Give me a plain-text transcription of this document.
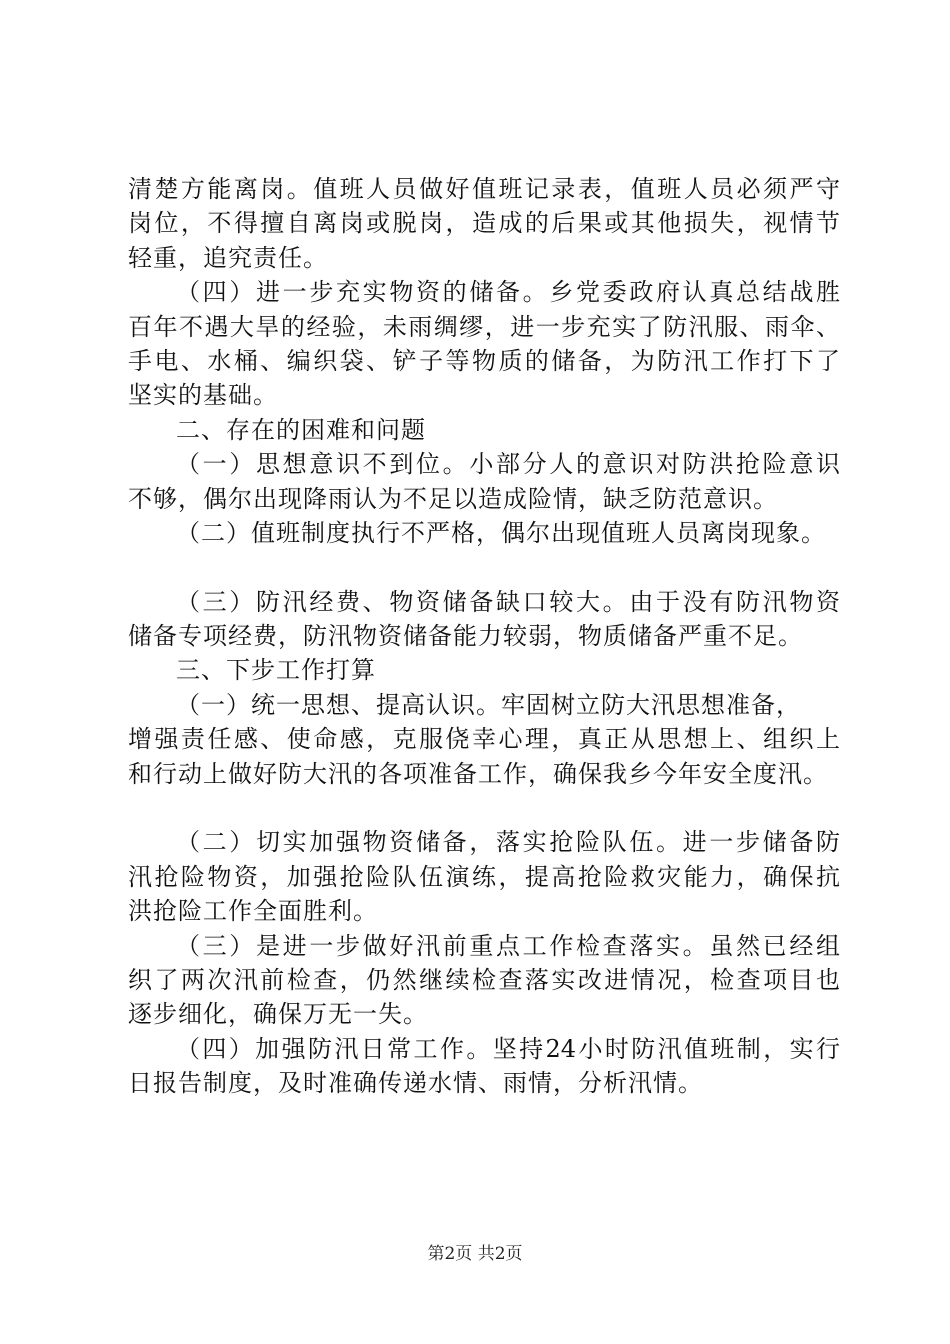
清楚方能离岗。值班人员做好值班记录表，值班人员必须严守
岗位，不得擅自离岗或脱岗，造成的后果或其他损失，视情节
轻重，追究责任。
（四）进一步充实物资的储备。乡党委政府认真总结战胜
百年不遇大旱的经验，未雨绸缪，进一步充实了防汛服、雨伞、
手电、水桶、编织袋、铲子等物质的储备，为防汛工作打下了
坚实的基础。
二、存在的困难和问题
（一）思想意识不到位。小部分人的意识对防洪抢险意识
不够，偶尔出现降雨认为不足以造成险情，缺乏防范意识。
（二）值班制度执行不严格，偶尔出现值班人员离岗现象。
（三）防汛经费、物资储备缺口较大。由于没有防汛物资
储备专项经费，防汛物资储备能力较弱，物质储备严重不足。
三、下步工作打算
（一）统一思想、提高认识。牢固树立防大汛思想准备，
增强责任感、使命感，克服侥幸心理，真正从思想上、组织上
和行动上做好防大汛的各项准备工作，确保我乡今年安全度汛。
（二）切实加强物资储备，落实抢险队伍。进一步储备防
汛抢险物资，加强抢险队伍演练，提高抢险救灾能力，确保抗
洪抢险工作全面胜利。
（三）是进一步做好汛前重点工作检查落实。虽然已经组
织了两次汛前检查，仍然继续检查落实改进情况，检查项目也
逐步细化，确保万无一失。
（四）加强防汛日常工作。坚持24小时防汛值班制，实行
日报告制度，及时准确传递水情、雨情，分析汛情。
第2页 共2页
